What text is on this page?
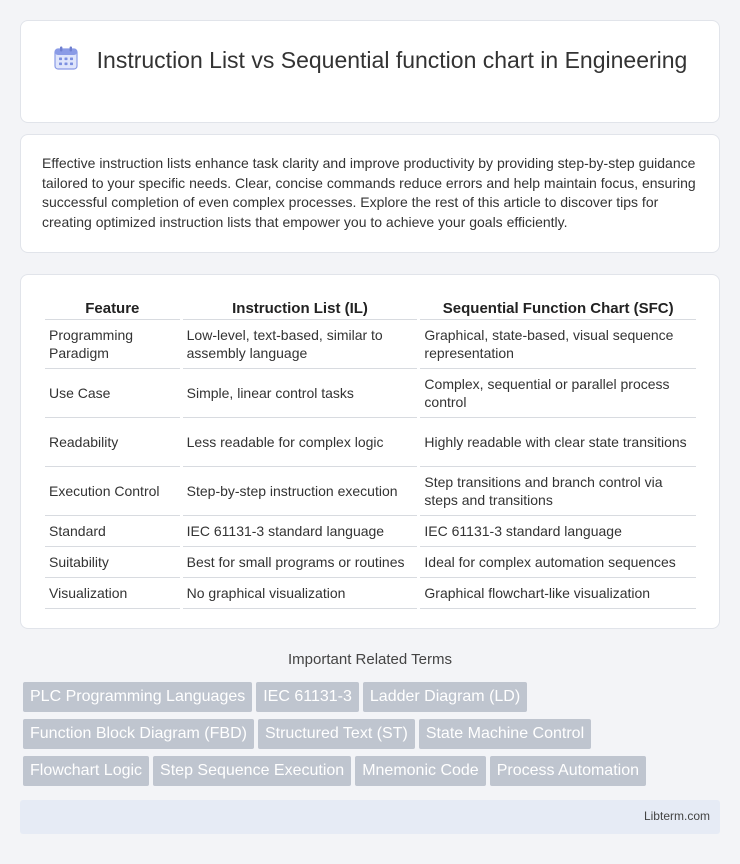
Instruction List vs Sequential function chart in Engineering

Effective instruction lists enhance task clarity and improve productivity by providing step-by-step guidance tailored to your specific needs. Clear, concise commands reduce errors and help maintain focus, ensuring successful completion of even complex processes. Explore the rest of this article to discover tips for creating optimized instruction lists that empower you to achieve your goals efficiently.

Feature	Instruction List (IL)	Sequential Function Chart (SFC)
Programming Paradigm	Low-level, text-based, similar to assembly language	Graphical, state-based, visual sequence representation
Use Case	Simple, linear control tasks	Complex, sequential or parallel process control
Readability	Less readable for complex logic	Highly readable with clear state transitions
Execution Control	Step-by-step instruction execution	Step transitions and branch control via steps and transitions
Standard	IEC 61131-3 standard language	IEC 61131-3 standard language
Suitability	Best for small programs or routines	Ideal for complex automation sequences
Visualization	No graphical visualization	Graphical flowchart-like visualization
Important Related Terms
PLC Programming Languages IEC 61131-3 Ladder Diagram (LD)
Function Block Diagram (FBD) Structured Text (ST) State Machine Control
Flowchart Logic Step Sequence Execution Mnemonic Code Process Automation
Libterm.com
